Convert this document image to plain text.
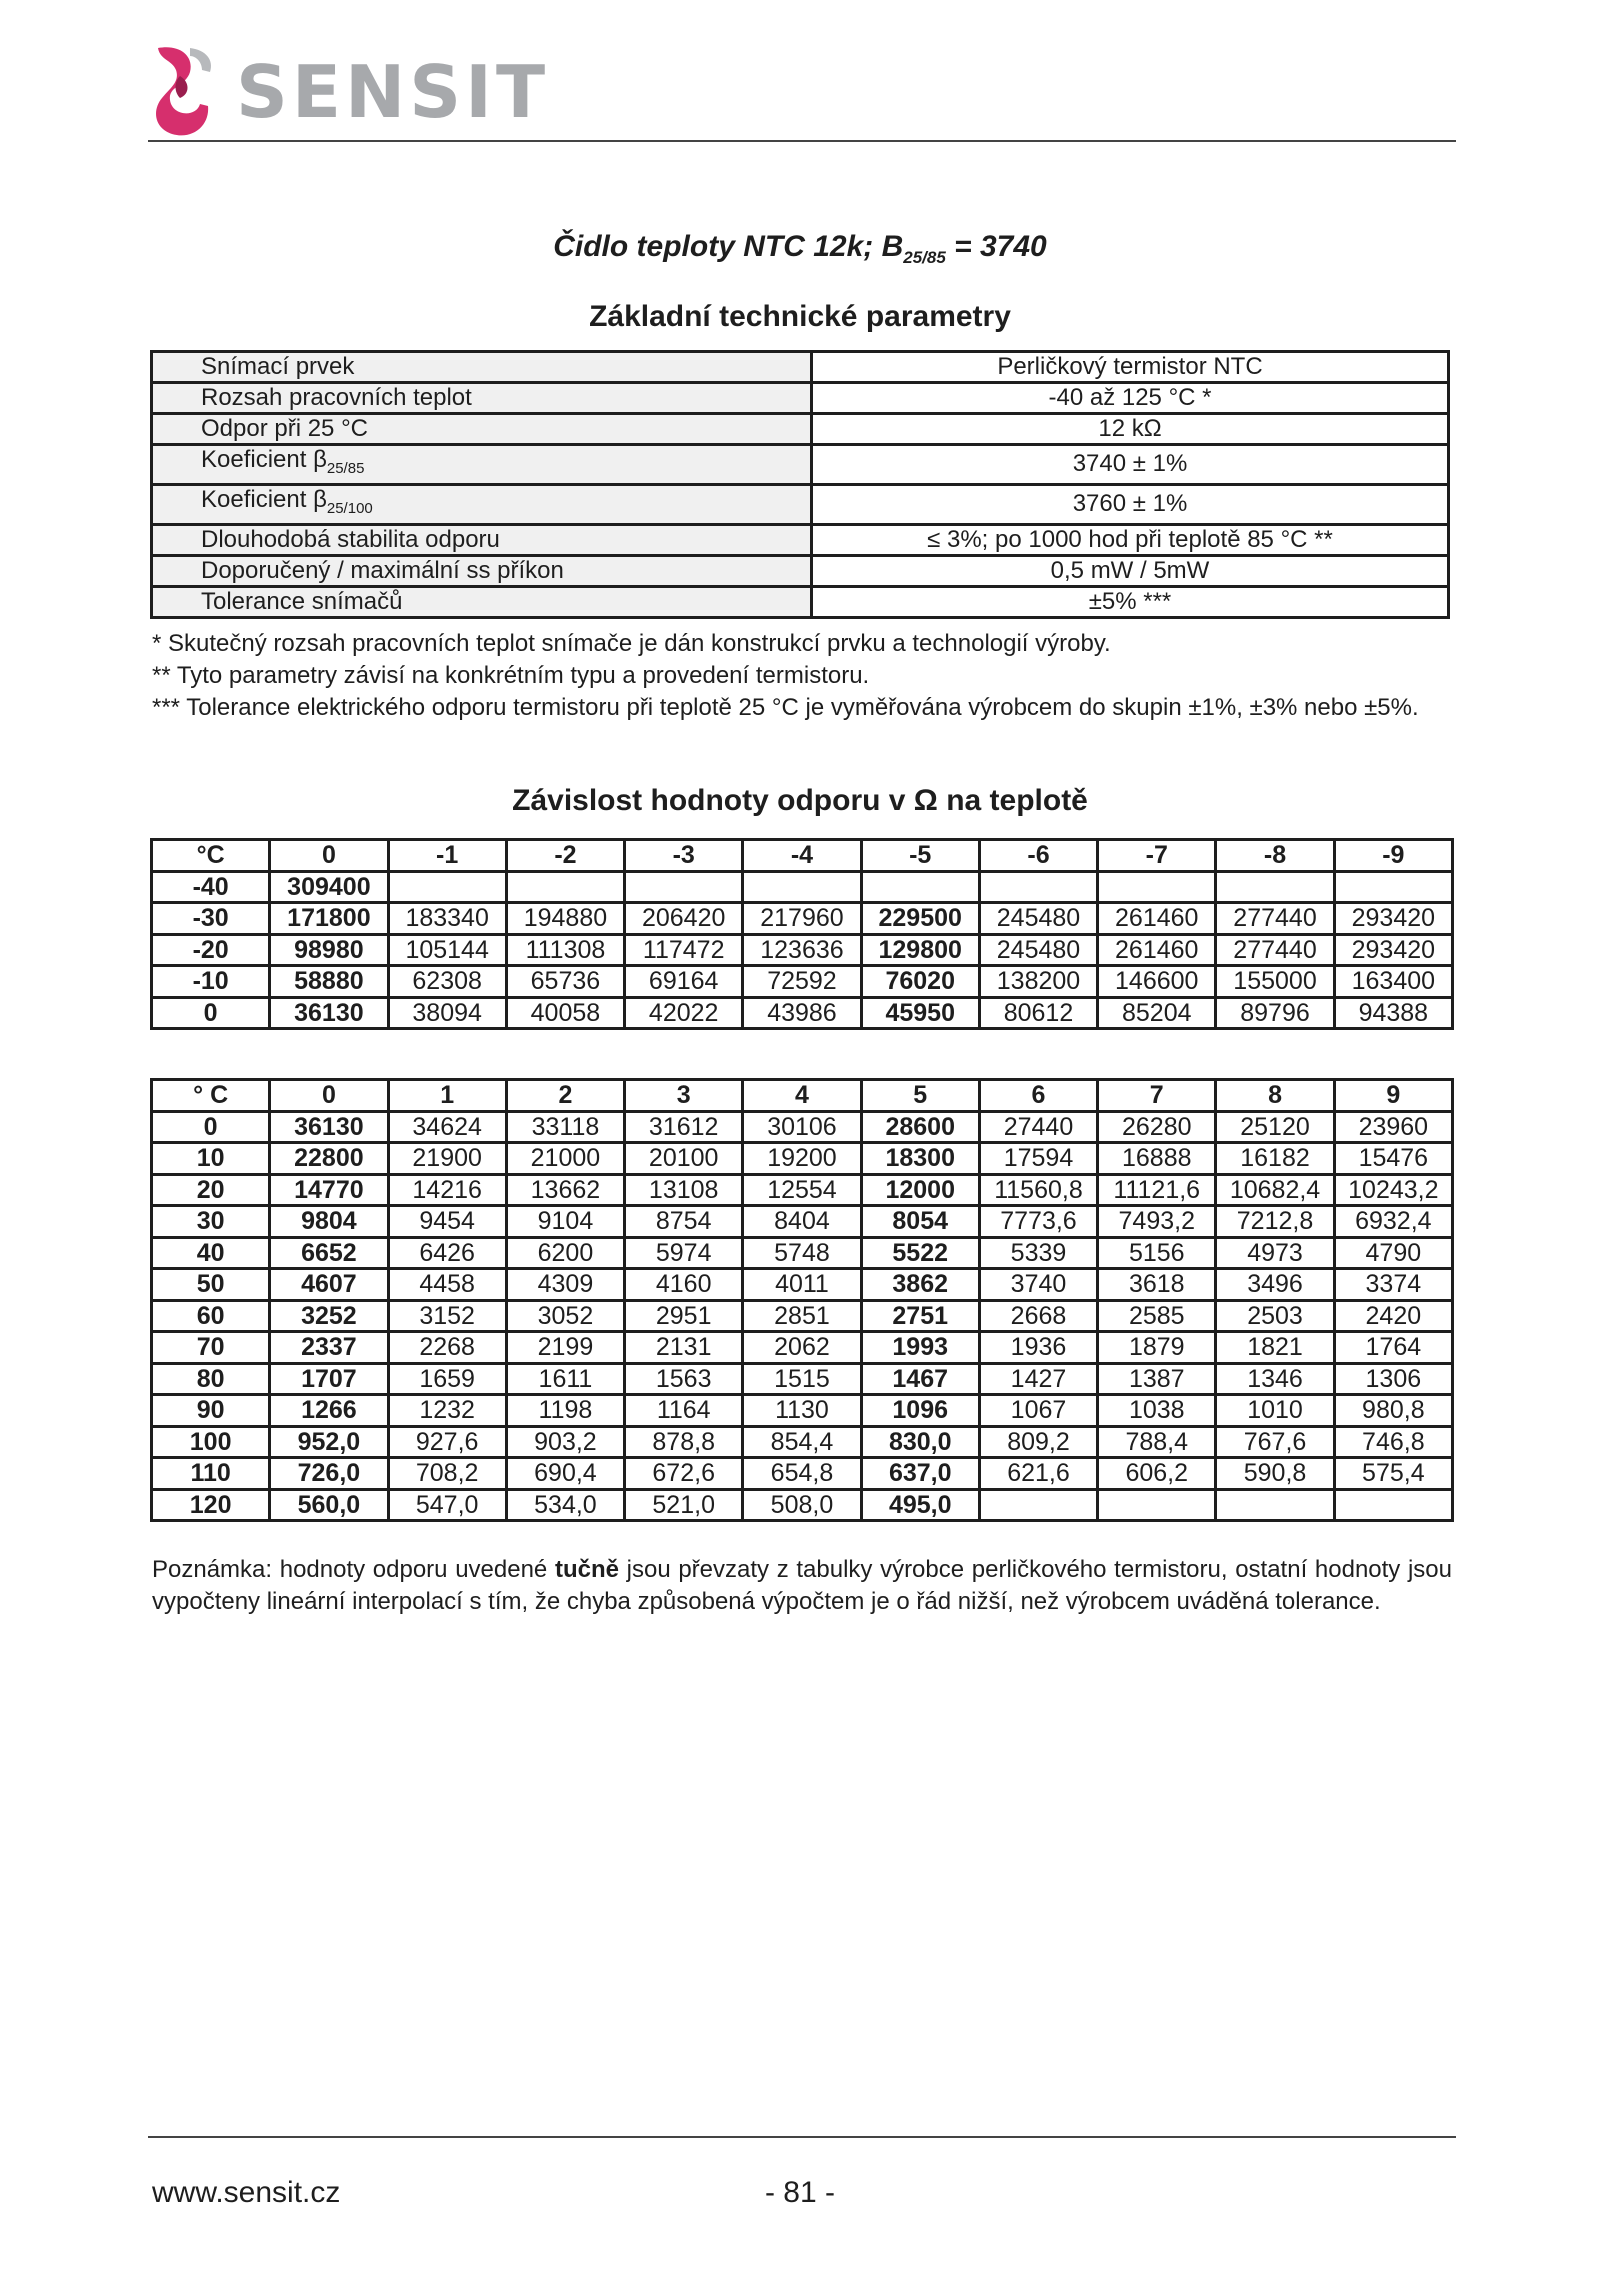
SENSIT
Čidlo teploty NTC 12k; $B_{25/85} = 3740$
Základní technické parametry
Snímací prvek	Perličkový termistor NTC
Rozsah pracovních teplot	-40 až 125 °C *
Odpor při 25 °C	12 kΩ
Koeficient $\beta_{25/85}$	3740 ± 1%
Koeficient $\beta_{25/100}$	3760 ± 1%
Dlouhodobá stabilita odporu	≤ 3%; po 1000 hod při teplotě 85 °C **
Doporučený / maximální ss příkon	0,5 mW / 5mW
Tolerance snímačů	±5% ***
* Skutečný rozsah pracovních teplot snímače je dán konstrukcí prvku a technologií výroby.
** Tyto parametry závisí na konkrétním typu a provedení termistoru.
*** Tolerance elektrického odporu termistoru při teplotě 25 °C je vyměřována výrobcem do skupin ±1%, ±3% nebo ±5%.
Závislost hodnoty odporu v Ω na teplotě
°C	0	-1	-2	-3	-4	-5	-6	-7	-8	-9
-40	309400									
-30	171800	183340	194880	206420	217960	229500	245480	261460	277440	293420
-20	98980	105144	111308	117472	123636	129800	245480	261460	277440	293420
-10	58880	62308	65736	69164	72592	76020	138200	146600	155000	163400
0	36130	38094	40058	42022	43986	45950	80612	85204	89796	94388
° C	0	1	2	3	4	5	6	7	8	9
0	36130	34624	33118	31612	30106	28600	27440	26280	25120	23960
10	22800	21900	21000	20100	19200	18300	17594	16888	16182	15476
20	14770	14216	13662	13108	12554	12000	11560,8	11121,6	10682,4	10243,2
30	9804	9454	9104	8754	8404	8054	7773,6	7493,2	7212,8	6932,4
40	6652	6426	6200	5974	5748	5522	5339	5156	4973	4790
50	4607	4458	4309	4160	4011	3862	3740	3618	3496	3374
60	3252	3152	3052	2951	2851	2751	2668	2585	2503	2420
70	2337	2268	2199	2131	2062	1993	1936	1879	1821	1764
80	1707	1659	1611	1563	1515	1467	1427	1387	1346	1306
90	1266	1232	1198	1164	1130	1096	1067	1038	1010	980,8
100	952,0	927,6	903,2	878,8	854,4	830,0	809,2	788,4	767,6	746,8
110	726,0	708,2	690,4	672,6	654,8	637,0	621,6	606,2	590,8	575,4
120	560,0	547,0	534,0	521,0	508,0	495,0				
Poznámka: hodnoty odporu uvedené tučně jsou převzaty z tabulky výrobce perličkového termistoru, ostatní hodnoty jsou vypočteny lineární interpolací s tím, že chyba způsobená výpočtem je o řád nižší, než výrobcem uváděná tolerance.
www.sensit.cz	- 81 -
